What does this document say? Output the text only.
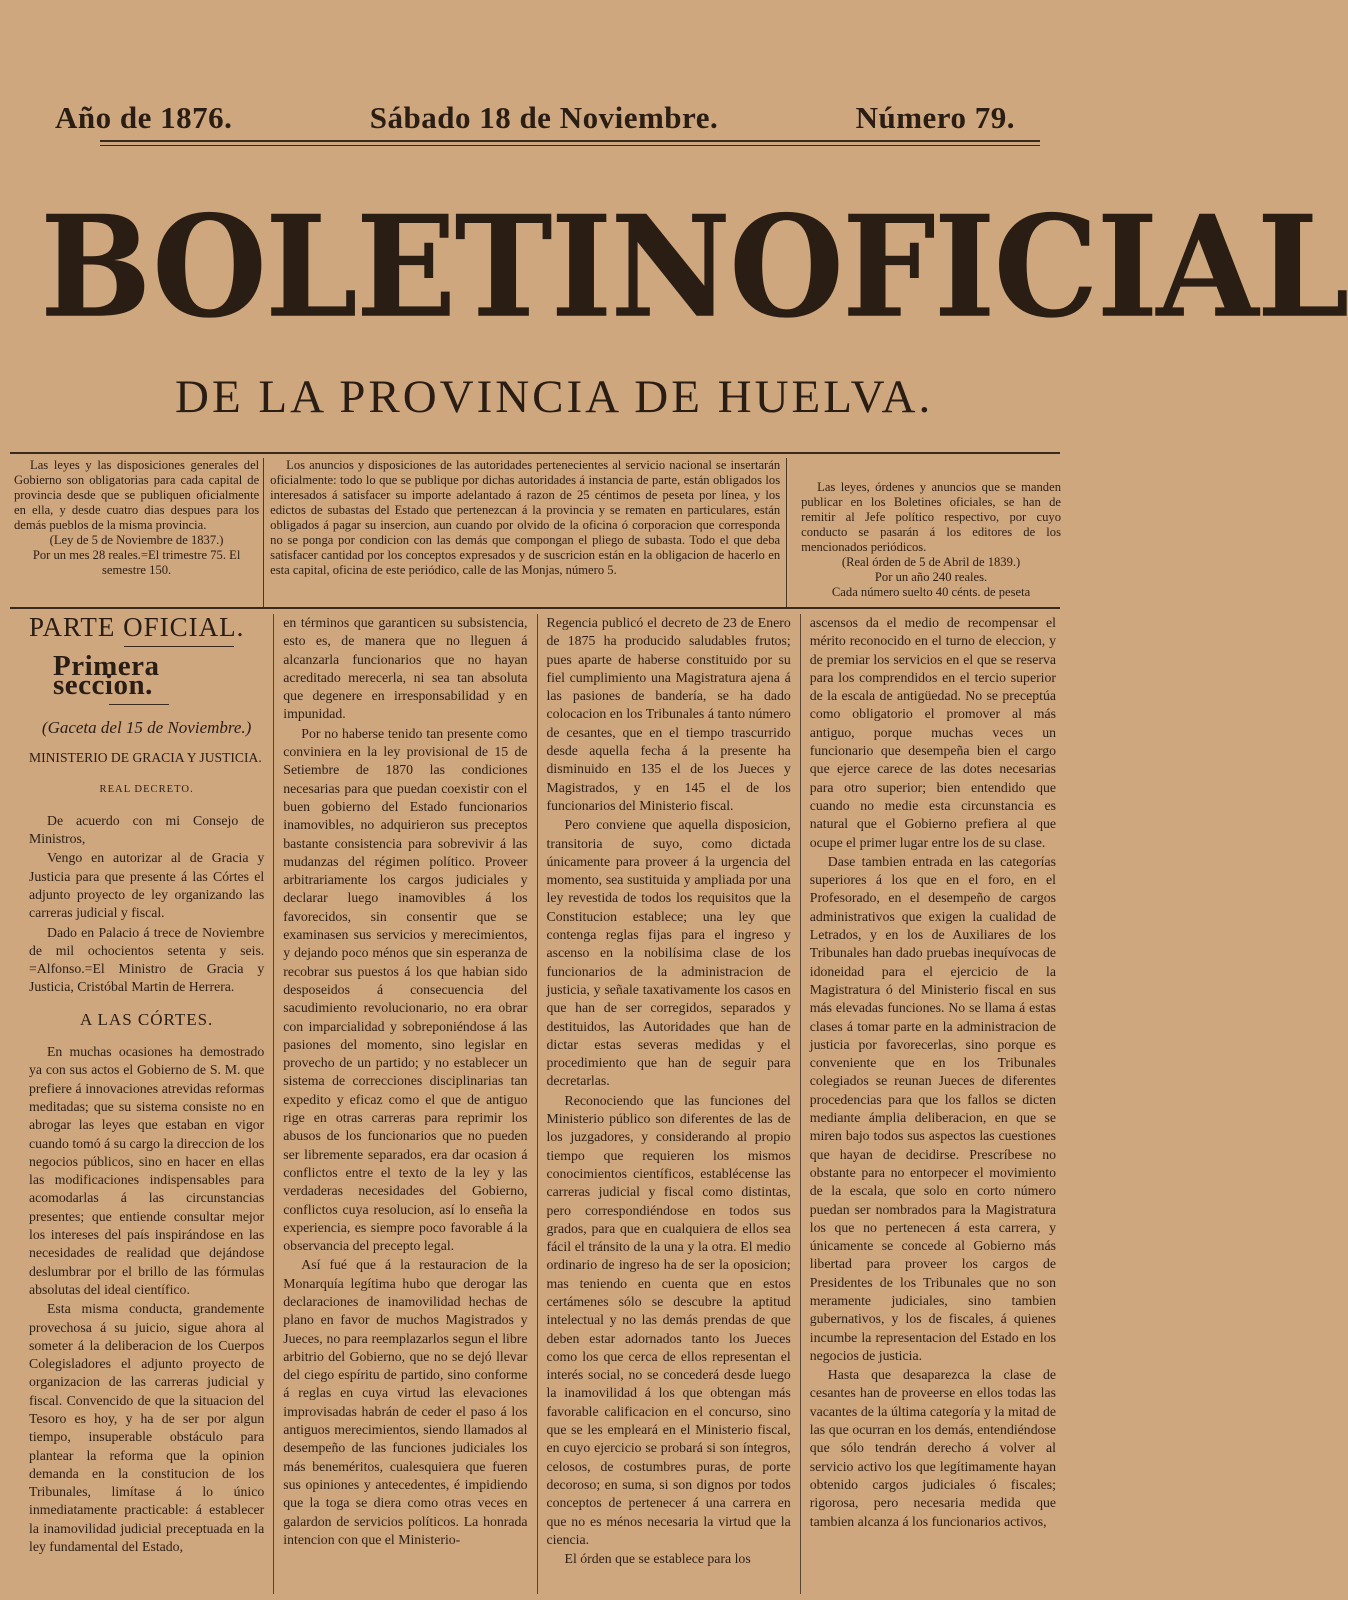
Año de 1876.	Sábado 18 de Noviembre.	Número 79.
BOLETIN OFICIAL
DE LA PROVINCIA DE HUELVA.

Las leyes y las disposiciones generales del Gobierno son obligatorias para cada capital de provincia desde que se publiquen oficialmente en ella, y desde cuatro dias despues para los demás pueblos de la misma provincia.

(Ley de 5 de Noviembre de 1837.)
Por un mes 28 reales.=El trimestre 75. El semestre 150.

Los anuncios y disposiciones de las autoridades pertenecientes al servicio nacional se insertarán oficialmente: todo lo que se publique por dichas autoridades á instancia de parte, están obligados los interesados á satisfacer su importe adelantado á razon de 25 céntimos de peseta por línea, y los edictos de subastas del Estado que pertenezcan á la provincia y se rematen en particulares, están obligados á pagar su insercion, aun cuando por olvido de la oficina ó corporacion que corresponda no se ponga por condicion con las demás que compongan el pliego de subasta. Todo el que deba satisfacer cantidad por los conceptos expresados y de suscricion están en la obligacion de hacerlo en esta capital, oficina de este periódico, calle de las Monjas, número 5.

Las leyes, órdenes y anuncios que se manden publicar en los Boletines oficiales, se han de remitir al Jefe político respectivo, por cuyo conducto se pasarán á los editores de los mencionados periódicos.

(Real órden de 5 de Abril de 1839.)
Por un año 240 reales.
Cada número suelto 40 cénts. de peseta
PARTE OFICIAL.
Primera seccion.
(Gaceta del 15 de Noviembre.)
MINISTERIO DE GRACIA Y JUSTICIA.
REAL DECRETO.

De acuerdo con mi Consejo de Ministros,

Vengo en autorizar al de Gracia y Justicia para que presente á las Córtes el adjunto proyecto de ley organizando las carreras judicial y fiscal.

Dado en Palacio á trece de Noviembre de mil ochocientos setenta y seis. =Alfonso.=El Ministro de Gracia y Justicia, Cristóbal Martin de Herrera.

A LAS CÓRTES.

En muchas ocasiones ha demostrado ya con sus actos el Gobierno de S. M. que prefiere á innovaciones atrevidas reformas meditadas; que su sistema consiste no en abrogar las leyes que estaban en vigor cuando tomó á su cargo la direccion de los negocios públicos, sino en hacer en ellas las modificaciones indispensables para acomodarlas á las circunstancias presentes; que entiende consultar mejor los intereses del país inspirándose en las necesidades de realidad que dejándose deslumbrar por el brillo de las fórmulas absolutas del ideal científico.

Esta misma conducta, grandemente provechosa á su juicio, sigue ahora al someter á la deliberacion de los Cuerpos Colegisladores el adjunto proyecto de organizacion de las carreras judicial y fiscal. Convencido de que la situacion del Tesoro es hoy, y ha de ser por algun tiempo, insuperable obstáculo para plantear la reforma que la opinion demanda en la constitucion de los Tribunales, limítase á lo único inmediatamente practicable: á establecer la inamovilidad judicial preceptuada en la ley fundamental del Estado,

en términos que garanticen su subsistencia, esto es, de manera que no lleguen á alcanzarla funcionarios que no hayan acreditado merecerla, ni sea tan absoluta que degenere en irresponsabilidad y en impunidad.

Por no haberse tenido tan presente como conviniera en la ley provisional de 15 de Setiembre de 1870 las condiciones necesarias para que puedan coexistir con el buen gobierno del Estado funcionarios inamovibles, no adquirieron sus preceptos bastante consistencia para sobrevivir á las mudanzas del régimen político. Proveer arbitrariamente los cargos judiciales y declarar luego inamovibles á los favorecidos, sin consentir que se examinasen sus servicios y merecimientos, y dejando poco ménos que sin esperanza de recobrar sus puestos á los que habian sido desposeidos á consecuencia del sacudimiento revolucionario, no era obrar con imparcialidad y sobreponiéndose á las pasiones del momento, sino legislar en provecho de un partido; y no establecer un sistema de correcciones disciplinarias tan expedito y eficaz como el que de antiguo rige en otras carreras para reprimir los abusos de los funcionarios que no pueden ser libremente separados, era dar ocasion á conflictos entre el texto de la ley y las verdaderas necesidades del Gobierno, conflictos cuya resolucion, así lo enseña la experiencia, es siempre poco favorable á la observancia del precepto legal.

Así fué que á la restauracion de la Monarquía legítima hubo que derogar las declaraciones de inamovilidad hechas de plano en favor de muchos Magistrados y Jueces, no para reemplazarlos segun el libre arbitrio del Gobierno, que no se dejó llevar del ciego espíritu de partido, sino conforme á reglas en cuya virtud las elevaciones improvisadas habrán de ceder el paso á los antiguos merecimientos, siendo llamados al desempeño de las funciones judiciales los más beneméritos, cualesquiera que fueren sus opiniones y antecedentes, é impidiendo que la toga se diera como otras veces en galardon de servicios políticos. La honrada intencion con que el Ministerio-

Regencia publicó el decreto de 23 de Enero de 1875 ha producido saludables frutos; pues aparte de haberse constituido por su fiel cumplimiento una Magistratura ajena á las pasiones de bandería, se ha dado colocacion en los Tribunales á tanto número de cesantes, que en el tiempo trascurrido desde aquella fecha á la presente ha disminuido en 135 el de los Jueces y Magistrados, y en 145 el de los funcionarios del Ministerio fiscal.

Pero conviene que aquella disposicion, transitoria de suyo, como dictada únicamente para proveer á la urgencia del momento, sea sustituida y ampliada por una ley revestida de todos los requisitos que la Constitucion establece; una ley que contenga reglas fijas para el ingreso y ascenso en la nobilísima clase de los funcionarios de la administracion de justicia, y señale taxativamente los casos en que han de ser corregidos, separados y destituidos, las Autoridades que han de dictar estas severas medidas y el procedimiento que han de seguir para decretarlas.

Reconociendo que las funciones del Ministerio público son diferentes de las de los juzgadores, y considerando al propio tiempo que requieren los mismos conocimientos científicos, establécense las carreras judicial y fiscal como distintas, pero correspondiéndose en todos sus grados, para que en cualquiera de ellos sea fácil el tránsito de la una y la otra. El medio ordinario de ingreso ha de ser la oposicion; mas teniendo en cuenta que en estos certámenes sólo se descubre la aptitud intelectual y no las demás prendas de que deben estar adornados tanto los Jueces como los que cerca de ellos representan el interés social, no se concederá desde luego la inamovilidad á los que obtengan más favorable calificacion en el concurso, sino que se les empleará en el Ministerio fiscal, en cuyo ejercicio se probará si son íntegros, celosos, de costumbres puras, de porte decoroso; en suma, si son dignos por todos conceptos de pertenecer á una carrera en que no es ménos necesaria la virtud que la ciencia.

El órden que se establece para los

ascensos da el medio de recompensar el mérito reconocido en el turno de eleccion, y de premiar los servicios en el que se reserva para los comprendidos en el tercio superior de la escala de antigüedad. No se preceptúa como obligatorio el promover al más antiguo, porque muchas veces un funcionario que desempeña bien el cargo que ejerce carece de las dotes necesarias para otro superior; bien entendido que cuando no medie esta circunstancia es natural que el Gobierno prefiera al que ocupe el primer lugar entre los de su clase.

Dase tambien entrada en las categorías superiores á los que en el foro, en el Profesorado, en el desempeño de cargos administrativos que exigen la cualidad de Letrados, y en los de Auxiliares de los Tribunales han dado pruebas inequívocas de idoneidad para el ejercicio de la Magistratura ó del Ministerio fiscal en sus más elevadas funciones. No se llama á estas clases á tomar parte en la administracion de justicia por favorecerlas, sino porque es conveniente que en los Tribunales colegiados se reunan Jueces de diferentes procedencias para que los fallos se dicten mediante ámplia deliberacion, en que se miren bajo todos sus aspectos las cuestiones que hayan de decidirse. Prescríbese no obstante para no entorpecer el movimiento de la escala, que solo en corto número puedan ser nombrados para la Magistratura los que no pertenecen á esta carrera, y únicamente se concede al Gobierno más libertad para proveer los cargos de Presidentes de los Tribunales que no son meramente judiciales, sino tambien gubernativos, y los de fiscales, á quienes incumbe la representacion del Estado en los negocios de justicia.

Hasta que desaparezca la clase de cesantes han de proveerse en ellos todas las vacantes de la última categoría y la mitad de las que ocurran en los demás, entendiéndose que sólo tendrán derecho á volver al servicio activo los que legítimamente hayan obtenido cargos judiciales ó fiscales; rigorosa, pero necesaria medida que tambien alcanza á los funcionarios activos,
